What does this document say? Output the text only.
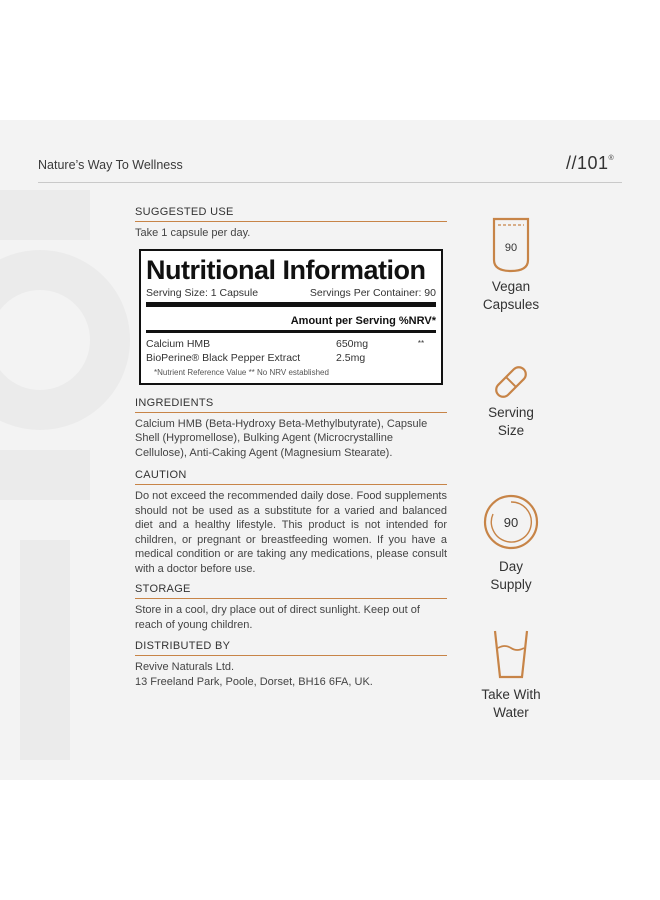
Nature’s Way To Wellness	//101®
SUGGESTED USE
Take 1 capsule per day.
Nutritional Information
Serving Size: 1 Capsule	Servings Per Container: 90
Amount per Serving %NRV*
Calcium HMB	650mg	**
BioPerine® Black Pepper Extract	2.5mg
*Nutrient Reference Value ** No NRV established
INGREDIENTS
Calcium HMB (Beta-Hydroxy Beta-Methylbutyrate), Capsule Shell (Hypromellose), Bulking Agent (Microcrystalline Cellulose), Anti-Caking Agent (Magnesium Stearate).
CAUTION
Do not exceed the recommended daily dose. Food supplements should not be used as a substitute for a varied and balanced diet and a healthy lifestyle. This product is not intended for children, or pregnant or breastfeeding women. If you have a medical condition or are taking any medications, please consult with a doctor before use.
STORAGE
Store in a cool, dry place out of direct sunlight. Keep out of reach of young children.
DISTRIBUTED BY
Revive Naturals Ltd.
13 Freeland Park, Poole, Dorset, BH16 6FA, UK.
90
Vegan
Capsules
Serving
Size
90
Day
Supply
Take With
Water
